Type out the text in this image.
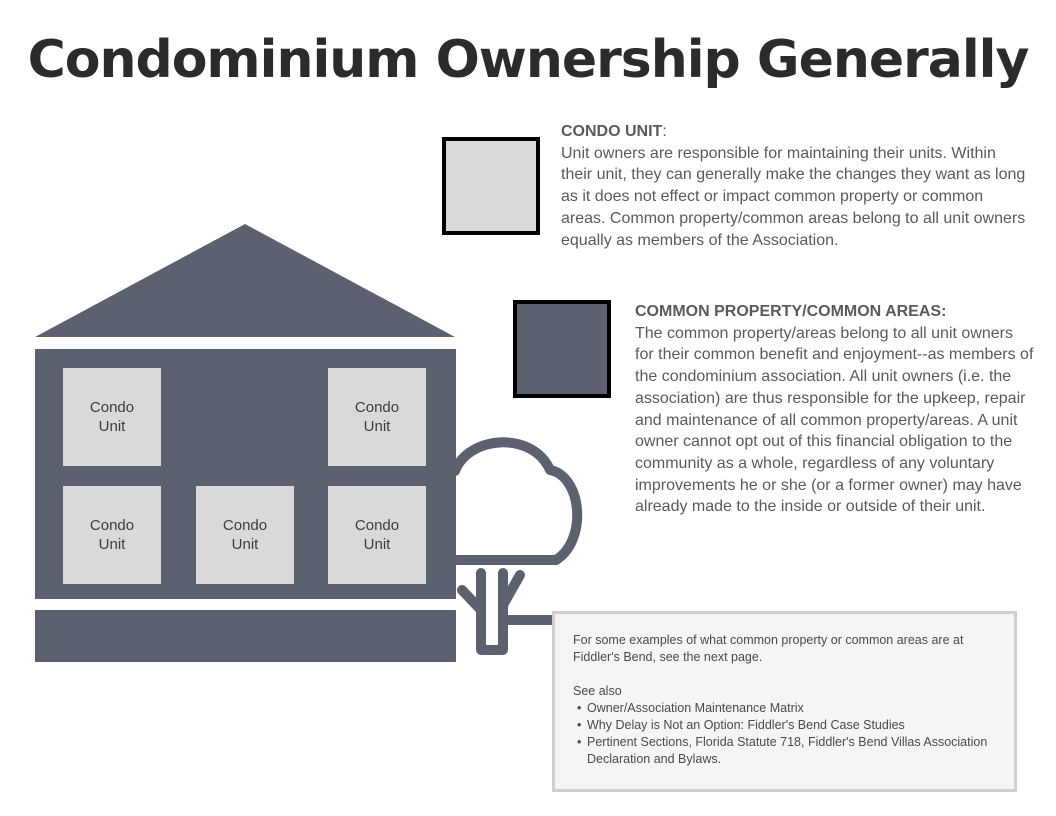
Condominium Ownership Generally
CONDO UNIT:
Unit owners are responsible for maintaining their units. Within their unit, they can generally make the changes they want as long as it does not effect or impact common property or common areas. Common property/common areas belong to all unit owners equally as members of the Association.
COMMON PROPERTY/COMMON AREAS:
The common property/areas belong to all unit owners for their common benefit and enjoyment--as members of the condominium association. All unit owners (i.e. the association) are thus responsible for the upkeep, repair and maintenance of all common property/areas. A unit owner cannot opt out of this financial obligation to the community as a whole, regardless of any voluntary improvements he or she (or a former owner) may have already made to the inside or outside of their unit.
Condo
Unit
Condo
Unit
Condo
Unit
Condo
Unit
Condo
Unit

For some examples of what common property or common areas are at Fiddler's Bend, see the next page.

See also

• Owner/Association Maintenance Matrix
• Why Delay is Not an Option: Fiddler's Bend Case Studies
• Pertinent Sections, Florida Statute 718, Fiddler's Bend Villas Association Declaration and Bylaws.
